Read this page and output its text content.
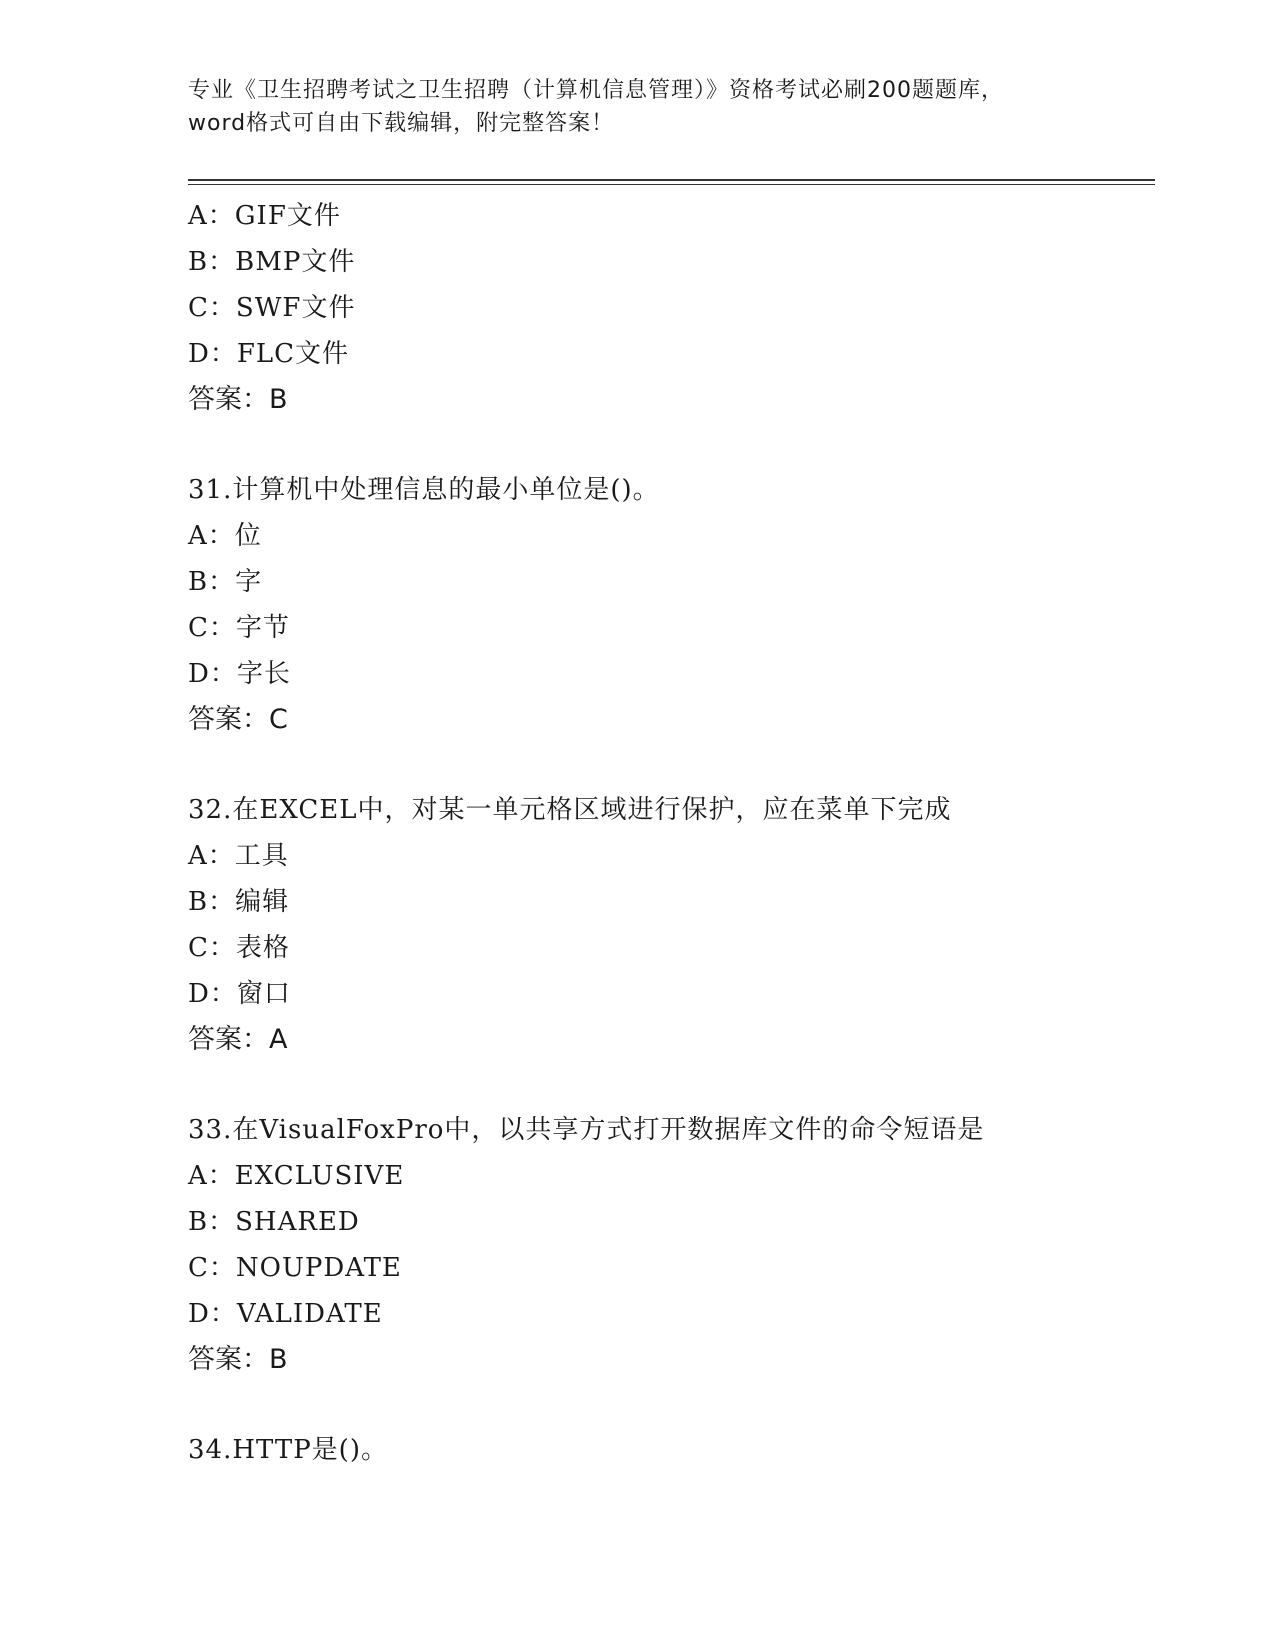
专业《卫生招聘考试之卫生招聘（计算机信息管理）》资格考试必刷200题题库，
word格式可自由下载编辑，附完整答案！
A：GIF文件
B：BMP文件
C：SWF文件
D：FLC文件
答案：B
31.计算机中处理信息的最小单位是()。
A：位
B：字
C：字节
D：字长
答案：C
32.在EXCEL中，对某一单元格区域进行保护，应在菜单下完成
A：工具
B：编辑
C：表格
D：窗口
答案：A
33.在VisualFoxPro中，以共享方式打开数据库文件的命令短语是
A：EXCLUSIVE
B：SHARED
C：NOUPDATE
D：VALIDATE
答案：B
34.HTTP是()。
